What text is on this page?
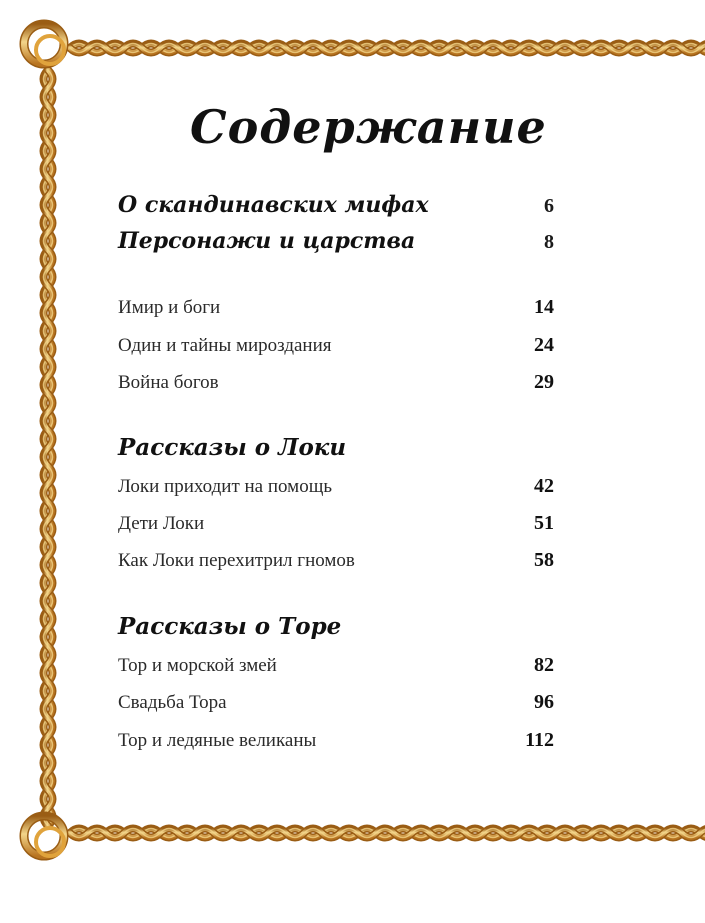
Содержание
О скандинавских мифах	6
Персонажи и царства	8
Имир и боги	14
Один и тайны мироздания	24
Война богов	29
Рассказы о Локи
Локи приходит на помощь	42
Дети Локи	51
Как Локи перехитрил гномов	58
Рассказы о Торе
Тор и морской змей	82
Свадьба Тора	96
Тор и ледяные великаны	112
